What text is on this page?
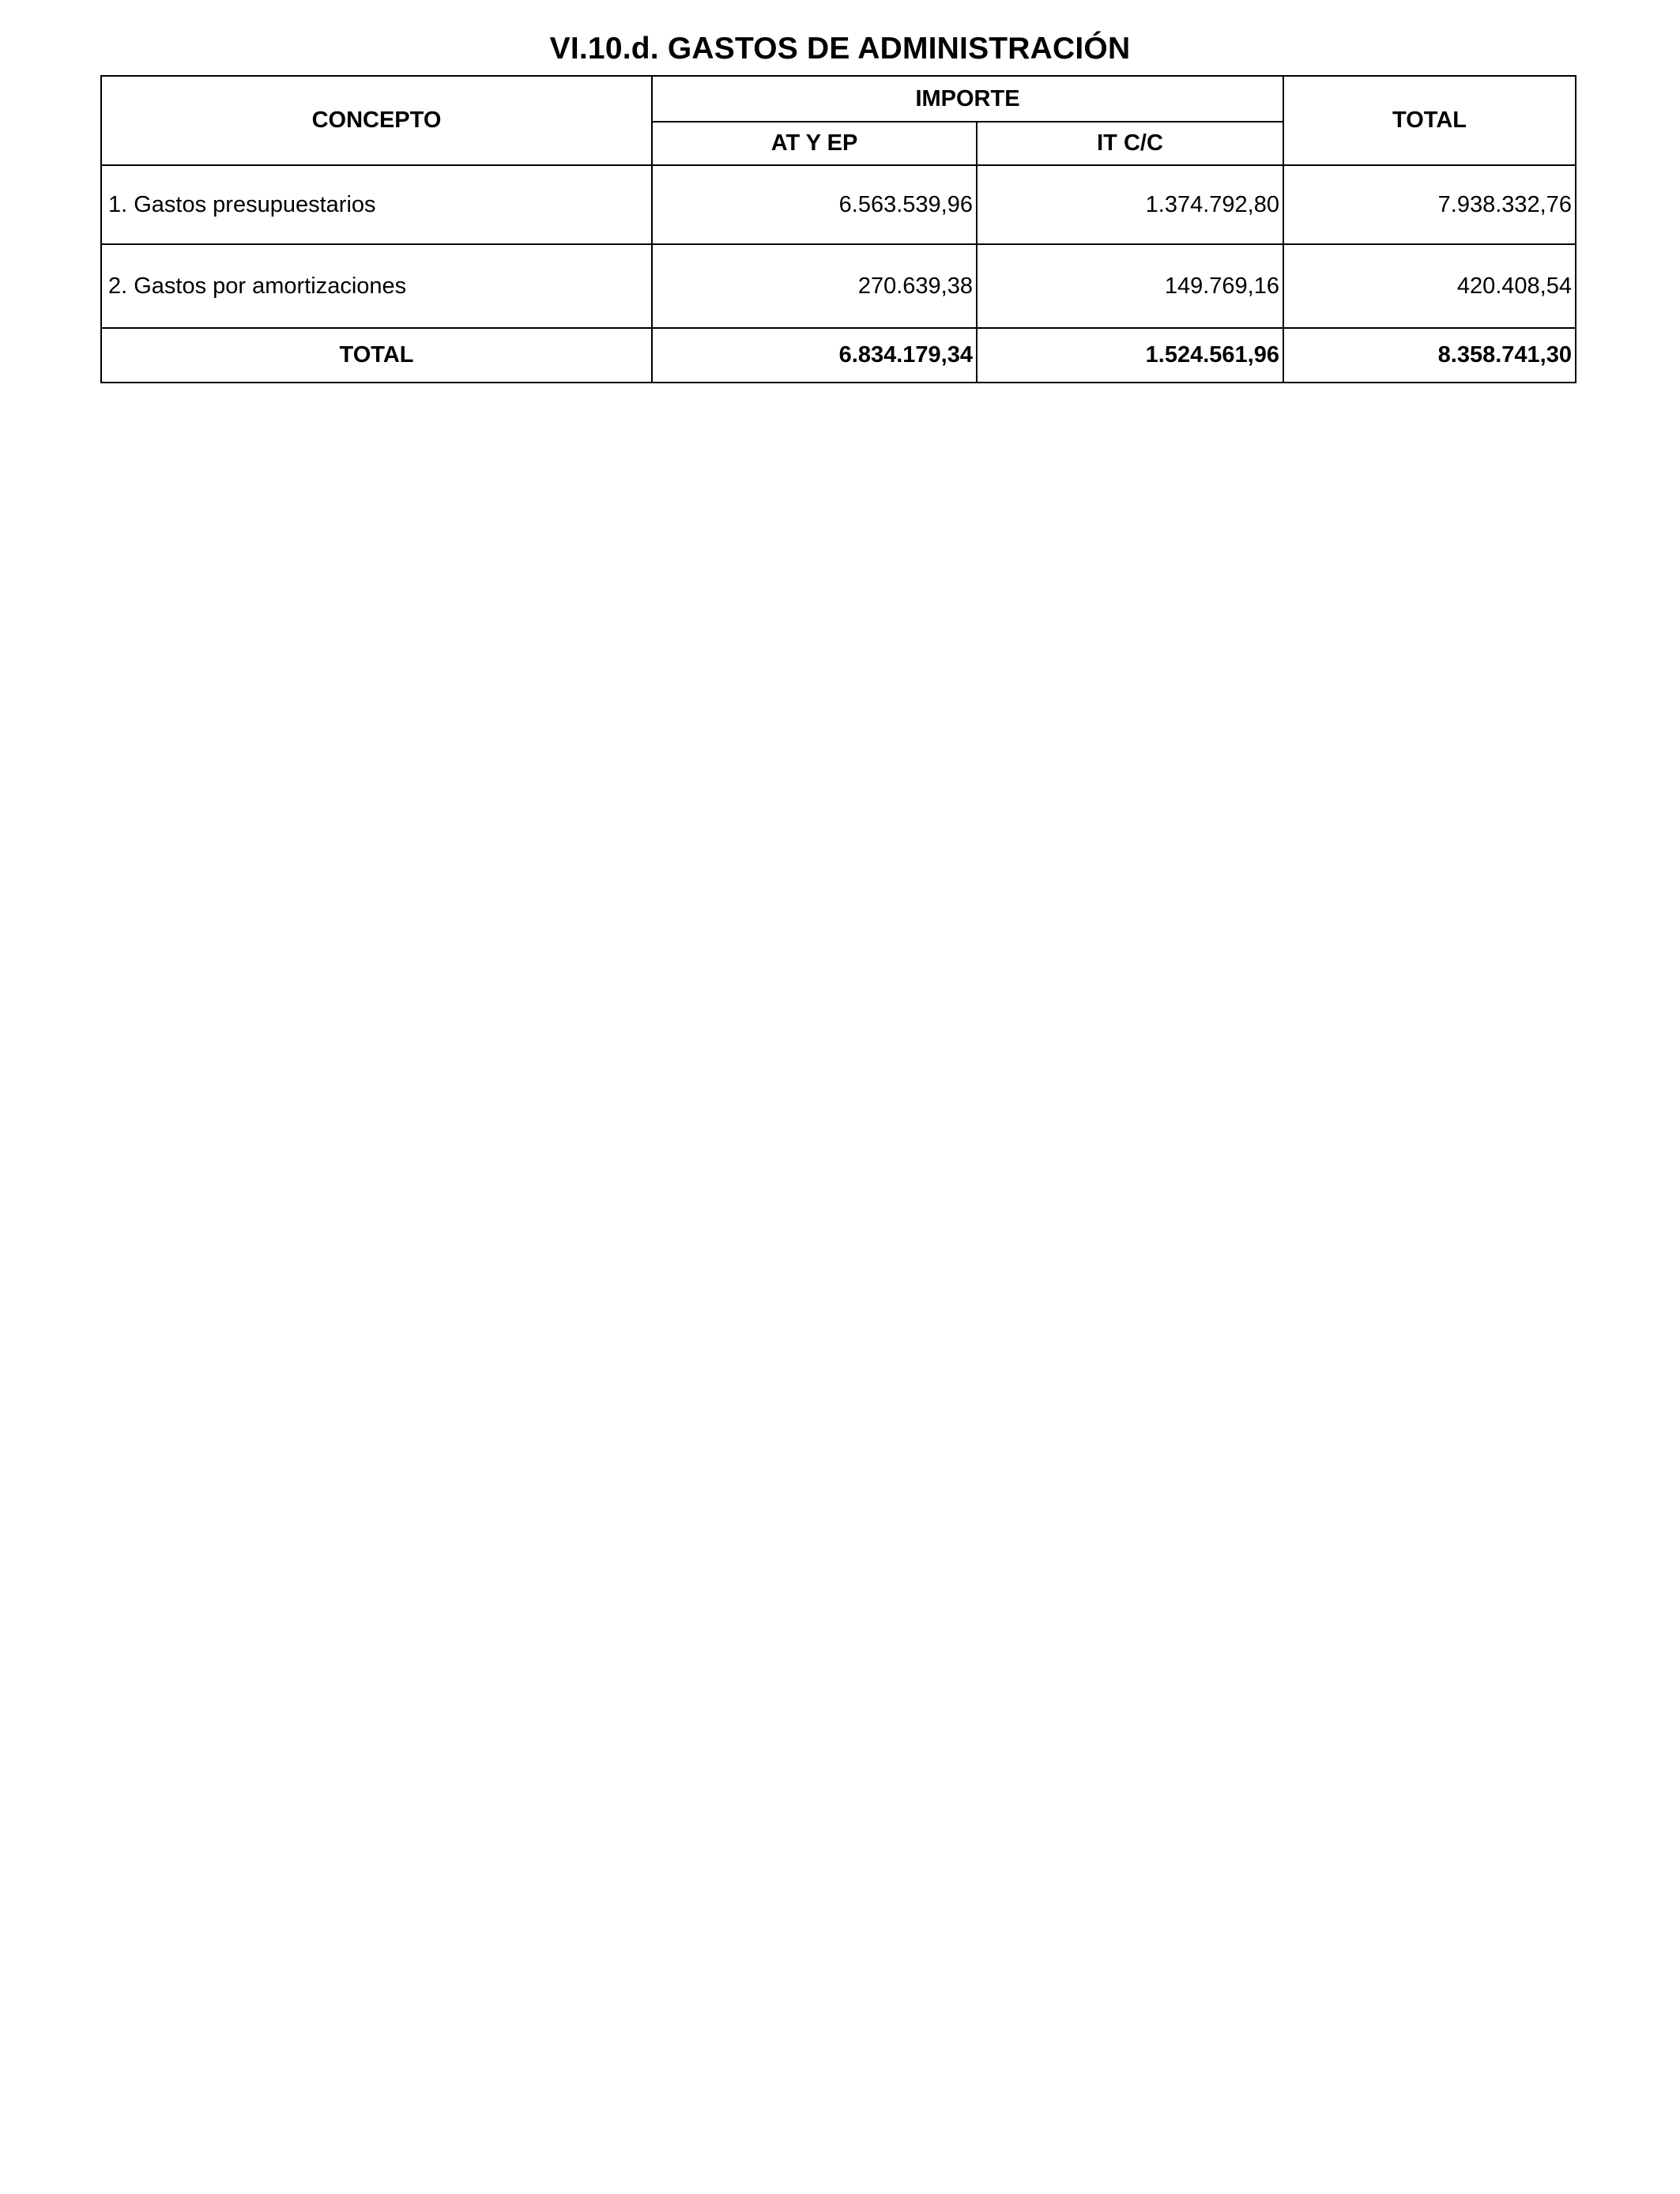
VI.10.d. GASTOS DE ADMINISTRACIÓN
CONCEPTO	IMPORTE		TOTAL
	AT Y EP	IT C/C	
1. Gastos presupuestarios	6.563.539,96	1.374.792,80	7.938.332,76
2. Gastos por amortizaciones	270.639,38	149.769,16	420.408,54
TOTAL	6.834.179,34	1.524.561,96	8.358.741,30
